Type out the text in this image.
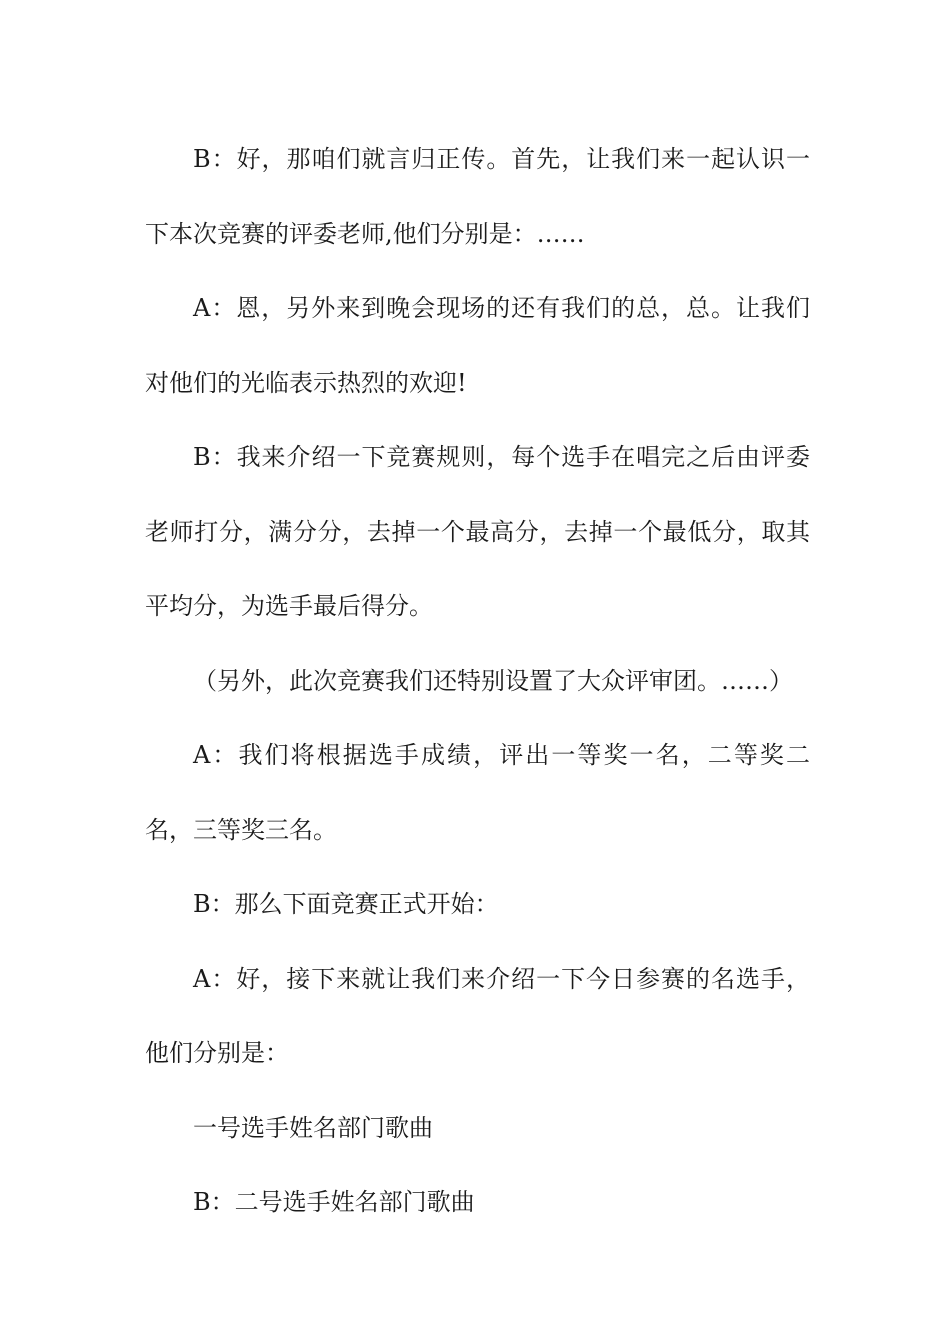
B：好，那咱们就言归正传。首先，让我们来一起认识一下本次竞赛的评委老师,他们分别是：……

A：恩，另外来到晚会现场的还有我们的总，总。让我们对他们的光临表示热烈的欢迎!

B：我来介绍一下竞赛规则，每个选手在唱完之后由评委老师打分，满分分，去掉一个最高分，去掉一个最低分，取其平均分，为选手最后得分。

（另外，此次竞赛我们还特别设置了大众评审团。……）

A：我们将根据选手成绩，评出一等奖一名，二等奖二名，三等奖三名。

B：那么下面竞赛正式开始：

A：好，接下来就让我们来介绍一下今日参赛的名选手，他们分别是：

一号选手姓名部门歌曲

B：二号选手姓名部门歌曲
